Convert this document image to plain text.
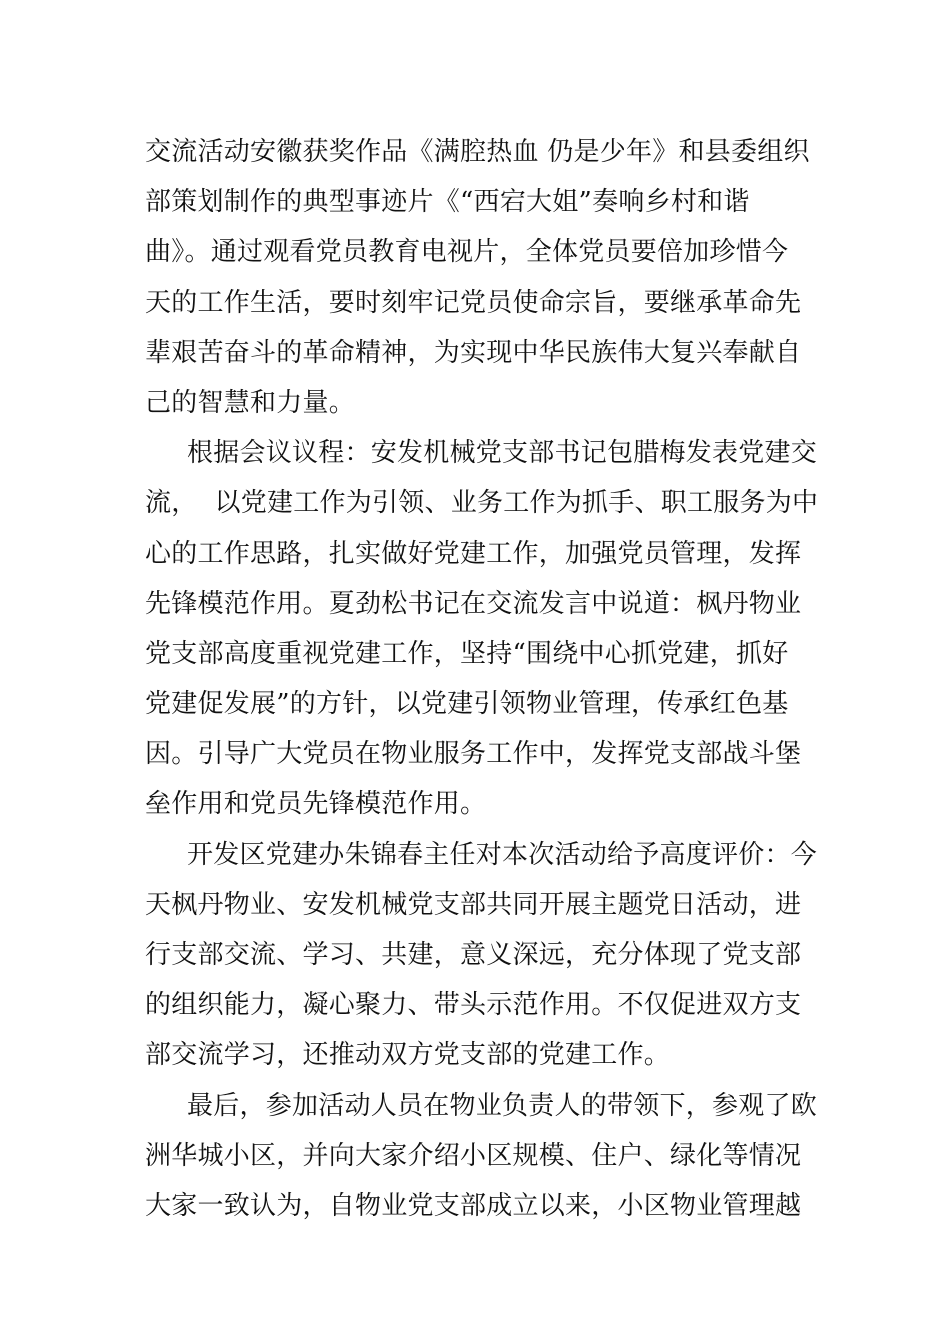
交流活动安徽获奖作品《满腔热血 仍是少年》和县委组织
部策划制作的典型事迹片《“西宕大姐”奏响乡村和谐
曲》。通过观看党员教育电视片，全体党员要倍加珍惜今
天的工作生活，要时刻牢记党员使命宗旨，要继承革命先
辈艰苦奋斗的革命精神，为实现中华民族伟大复兴奉献自
己的智慧和力量。
根据会议议程：安发机械党支部书记包腊梅发表党建交
流，  以党建工作为引领、业务工作为抓手、职工服务为中
心的工作思路，扎实做好党建工作，加强党员管理，发挥
先锋模范作用。夏劲松书记在交流发言中说道：枫丹物业
党支部高度重视党建工作，坚持“围绕中心抓党建，抓好
党建促发展”的方针，以党建引领物业管理，传承红色基
因。引导广大党员在物业服务工作中，发挥党支部战斗堡
垒作用和党员先锋模范作用。
开发区党建办朱锦春主任对本次活动给予高度评价：今
天枫丹物业、安发机械党支部共同开展主题党日活动，进
行支部交流、学习、共建，意义深远，充分体现了党支部
的组织能力，凝心聚力、带头示范作用。不仅促进双方支
部交流学习，还推动双方党支部的党建工作。
最后，参加活动人员在物业负责人的带领下，参观了欧
洲华城小区，并向大家介绍小区规模、住户、绿化等情况
大家一致认为，自物业党支部成立以来，小区物业管理越
